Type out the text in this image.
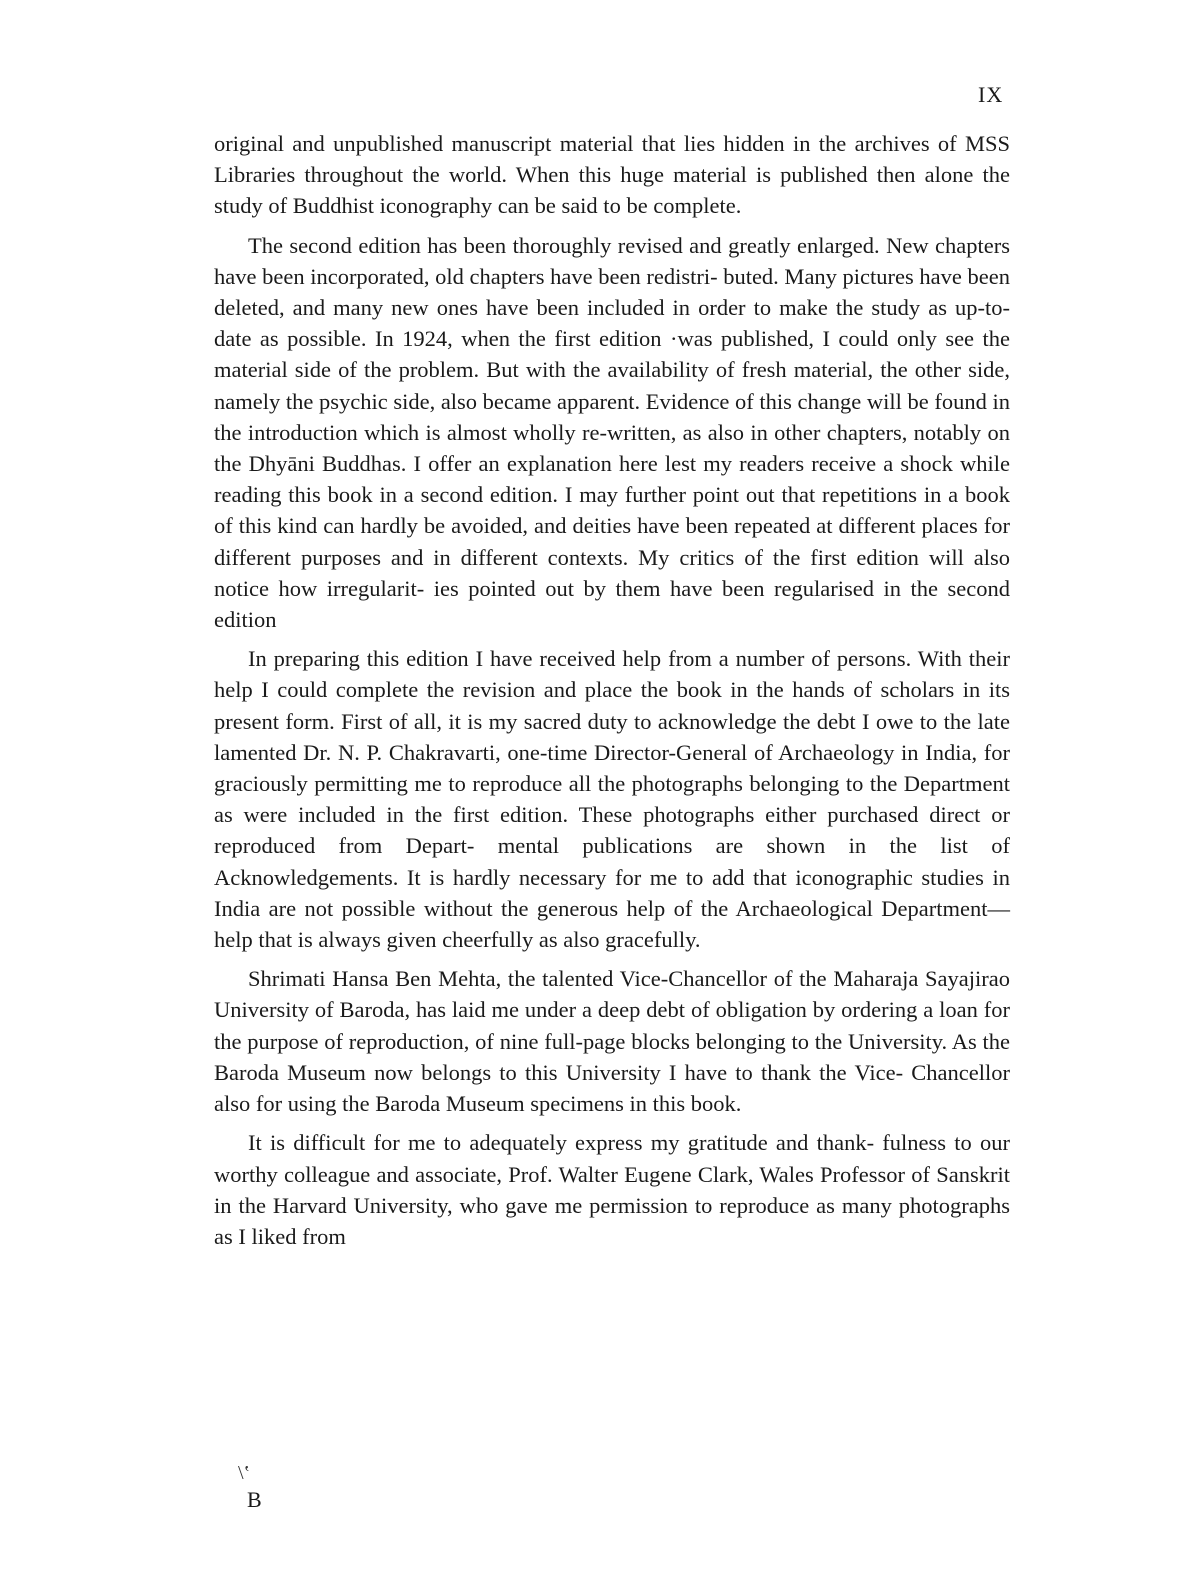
IX

original and unpublished manuscript material that lies hidden in the archives of MSS Libraries throughout the world. When this huge material is published then alone the study of Buddhist iconography can be said to be complete.

The second edition has been thoroughly revised and greatly enlarged. New chapters have been incorporated, old chapters have been redistri- buted. Many pictures have been deleted, and many new ones have been included in order to make the study as up-to-date as possible. In 1924, when the first edition ·was published, I could only see the material side of the problem. But with the availability of fresh material, the other side, namely the psychic side, also became apparent. Evidence of this change will be found in the introduction which is almost wholly re-written, as also in other chapters, notably on the Dhyāni Buddhas. I offer an explanation here lest my readers receive a shock while reading this book in a second edition. I may further point out that repetitions in a book of this kind can hardly be avoided, and deities have been repeated at different places for different purposes and in different contexts. My critics of the first edition will also notice how irregularit- ies pointed out by them have been regularised in the second edition

In preparing this edition I have received help from a number of persons. With their help I could complete the revision and place the book in the hands of scholars in its present form. First of all, it is my sacred duty to acknowledge the debt I owe to the late lamented Dr. N. P. Chakravarti, one-time Director-General of Archaeology in India, for graciously permitting me to reproduce all the photographs belonging to the Department as were included in the first edition. These photographs either purchased direct or reproduced from Depart- mental publications are shown in the list of Acknowledgements. It is hardly necessary for me to add that iconographic studies in India are not possible without the generous help of the Archaeological Department—help that is always given cheerfully as also gracefully.

Shrimati Hansa Ben Mehta, the talented Vice-Chancellor of the Maharaja Sayajirao University of Baroda, has laid me under a deep debt of obligation by ordering a loan for the purpose of reproduction, of nine full-page blocks belonging to the University. As the Baroda Museum now belongs to this University I have to thank the Vice- Chancellor also for using the Baroda Museum specimens in this book.

It is difficult for me to adequately express my gratitude and thank- fulness to our worthy colleague and associate, Prof. Walter Eugene Clark, Wales Professor of Sanskrit in the Harvard University, who gave me permission to reproduce as many photographs as I liked from

\‛
B
